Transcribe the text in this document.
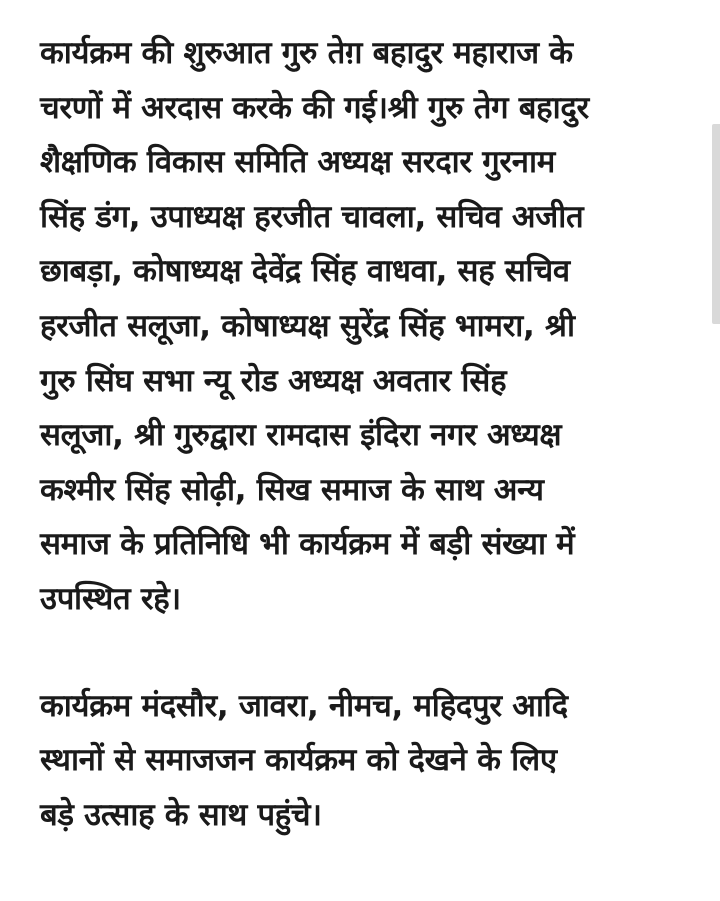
कार्यक्रम की शुरुआत गुरु तेग़ बहादुर महाराज के
चरणों में अरदास करके की गई।श्री गुरु तेग बहादुर
शैक्षणिक विकास समिति अध्यक्ष सरदार गुरनाम
सिंह डंग, उपाध्यक्ष हरजीत चावला, सचिव अजीत
छाबड़ा, कोषाध्यक्ष देवेंद्र सिंह वाधवा, सह सचिव
हरजीत सलूजा, कोषाध्यक्ष सुरेंद्र सिंह भामरा, श्री
गुरु सिंघ सभा न्यू रोड अध्यक्ष अवतार सिंह
सलूजा, श्री गुरुद्वारा रामदास इंदिरा नगर अध्यक्ष
कश्मीर सिंह सोढ़ी, सिख समाज के साथ अन्य
समाज के प्रतिनिधि भी कार्यक्रम में बड़ी संख्या में
उपस्थित रहे।

कार्यक्रम मंदसौर, जावरा, नीमच, महिदपुर आदि
स्थानों से समाजजन कार्यक्रम को देखने के लिए
बड़े उत्साह के साथ पहुंचे।
